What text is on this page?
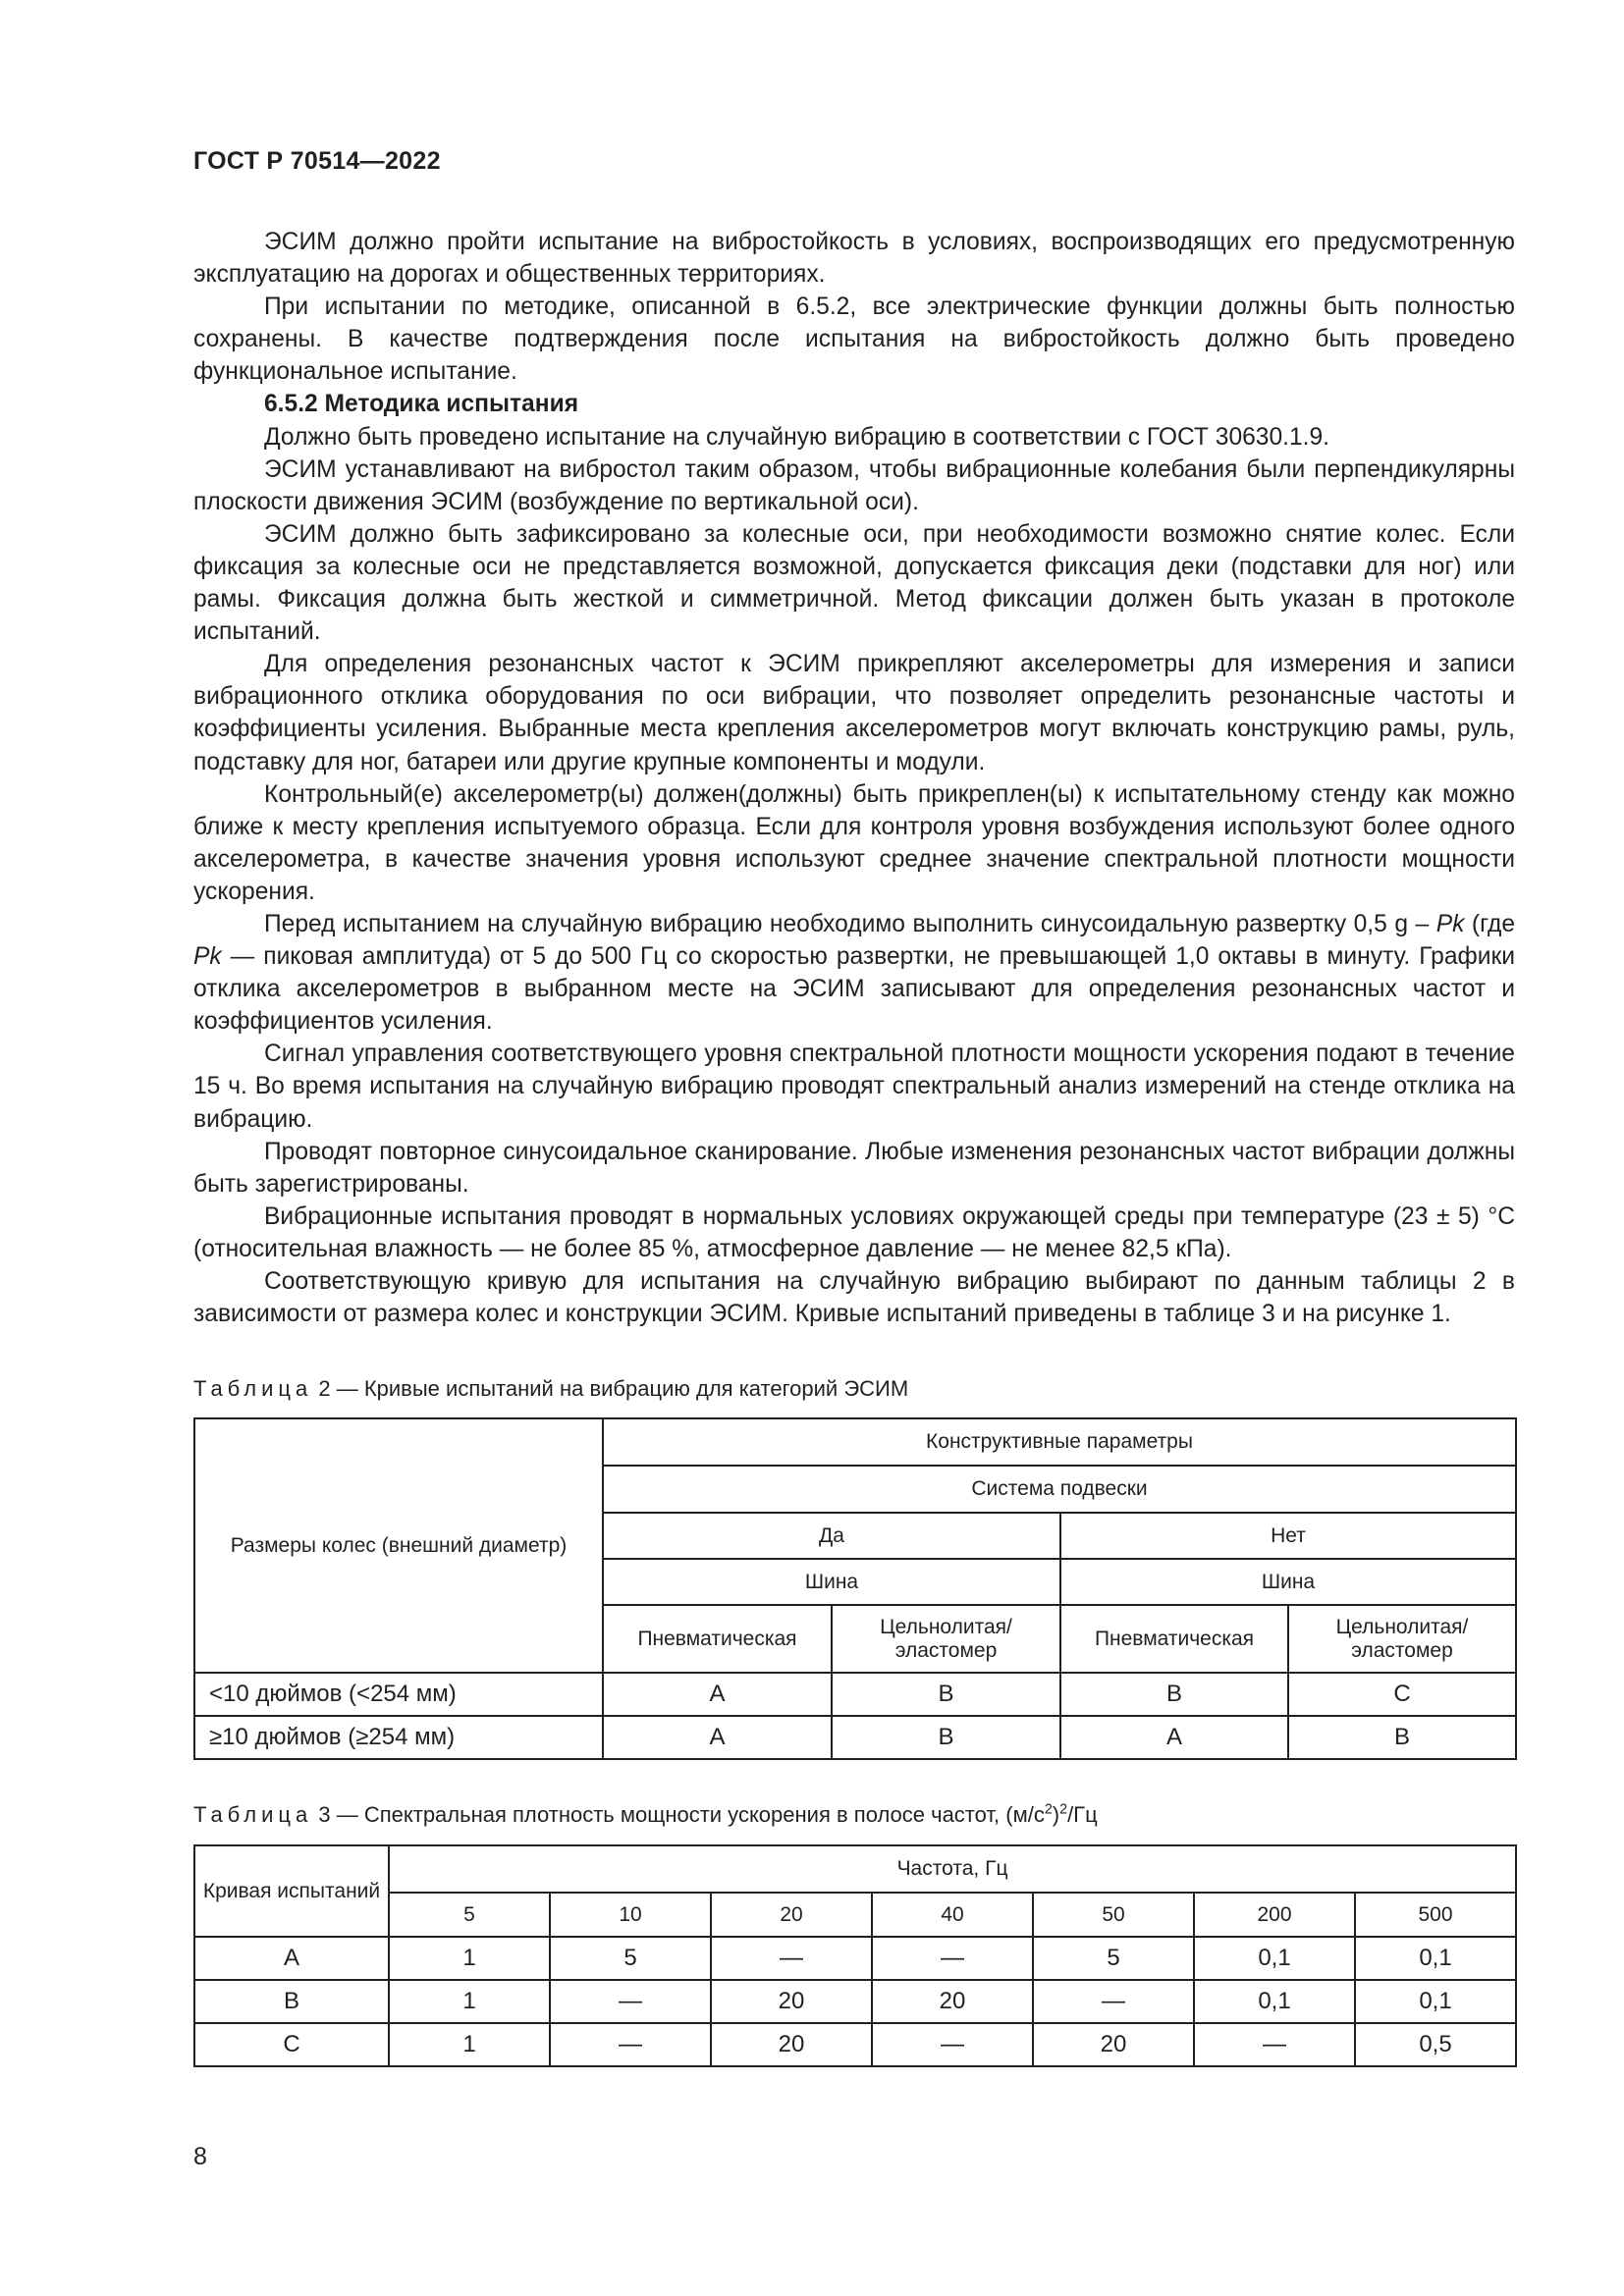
ГОСТ Р 70514—2022

ЭСИМ должно пройти испытание на вибростойкость в условиях, воспроизводящих его предусмотренную эксплуатацию на дорогах и общественных территориях.

При испытании по методике, описанной в 6.5.2, все электрические функции должны быть полностью сохранены. В качестве подтверждения после испытания на вибростойкость должно быть проведено функциональное испытание.

6.5.2 Методика испытания

Должно быть проведено испытание на случайную вибрацию в соответствии с ГОСТ 30630.1.9.

ЭСИМ устанавливают на вибростол таким образом, чтобы вибрационные колебания были перпендикулярны плоскости движения ЭСИМ (возбуждение по вертикальной оси).

ЭСИМ должно быть зафиксировано за колесные оси, при необходимости возможно снятие колес. Если фиксация за колесные оси не представляется возможной, допускается фиксация деки (подставки для ног) или рамы. Фиксация должна быть жесткой и симметричной. Метод фиксации должен быть указан в протоколе испытаний.

Для определения резонансных частот к ЭСИМ прикрепляют акселерометры для измерения и записи вибрационного отклика оборудования по оси вибрации, что позволяет определить резонансные частоты и коэффициенты усиления. Выбранные места крепления акселерометров могут включать конструкцию рамы, руль, подставку для ног, батареи или другие крупные компоненты и модули.

Контрольный(е) акселерометр(ы) должен(должны) быть прикреплен(ы) к испытательному стенду как можно ближе к месту крепления испытуемого образца. Если для контроля уровня возбуждения используют более одного акселерометра, в качестве значения уровня используют среднее значение спектральной плотности мощности ускорения.

Перед испытанием на случайную вибрацию необходимо выполнить синусоидальную развертку 0,5 g – Pk (где Pk — пиковая амплитуда) от 5 до 500 Гц со скоростью развертки, не превышающей 1,0 октавы в минуту. Графики отклика акселерометров в выбранном месте на ЭСИМ записывают для определения резонансных частот и коэффициентов усиления.

Сигнал управления соответствующего уровня спектральной плотности мощности ускорения подают в течение 15 ч. Во время испытания на случайную вибрацию проводят спектральный анализ измерений на стенде отклика на вибрацию.

Проводят повторное синусоидальное сканирование. Любые изменения резонансных частот вибрации должны быть зарегистрированы.

Вибрационные испытания проводят в нормальных условиях окружающей среды при температуре (23 ± 5) °С (относительная влажность — не более 85 %, атмосферное давление — не менее 82,5 кПа).

Соответствующую кривую для испытания на случайную вибрацию выбирают по данным таблицы 2 в зависимости от размера колес и конструкции ЭСИМ. Кривые испытаний приведены в таблице 3 и на рисунке 1.

Таблица 2 — Кривые испытаний на вибрацию для категорий ЭСИМ
Размеры колес (внешний диаметр)	Конструктивные параметры			
	Система подвески			
	Да		Нет	
	Шина		Шина	
	Пневматическая	Цельнолитая/ эластомер	Пневматическая	Цельнолитая/ эластомер
<10 дюймов (<254 мм)	А	В	В	С
≥10 дюймов (≥254 мм)	А	В	А	В
Таблица 3 — Спектральная плотность мощности ускорения в полосе частот, $(м/с^2)^2/Гц$
Кривая испытаний	Частота, Гц						
	5	10	20	40	50	200	500
А	1	5	—	—	5	0,1	0,1
В	1	—	20	20	—	0,1	0,1
С	1	—	20	—	20	—	0,5
8
